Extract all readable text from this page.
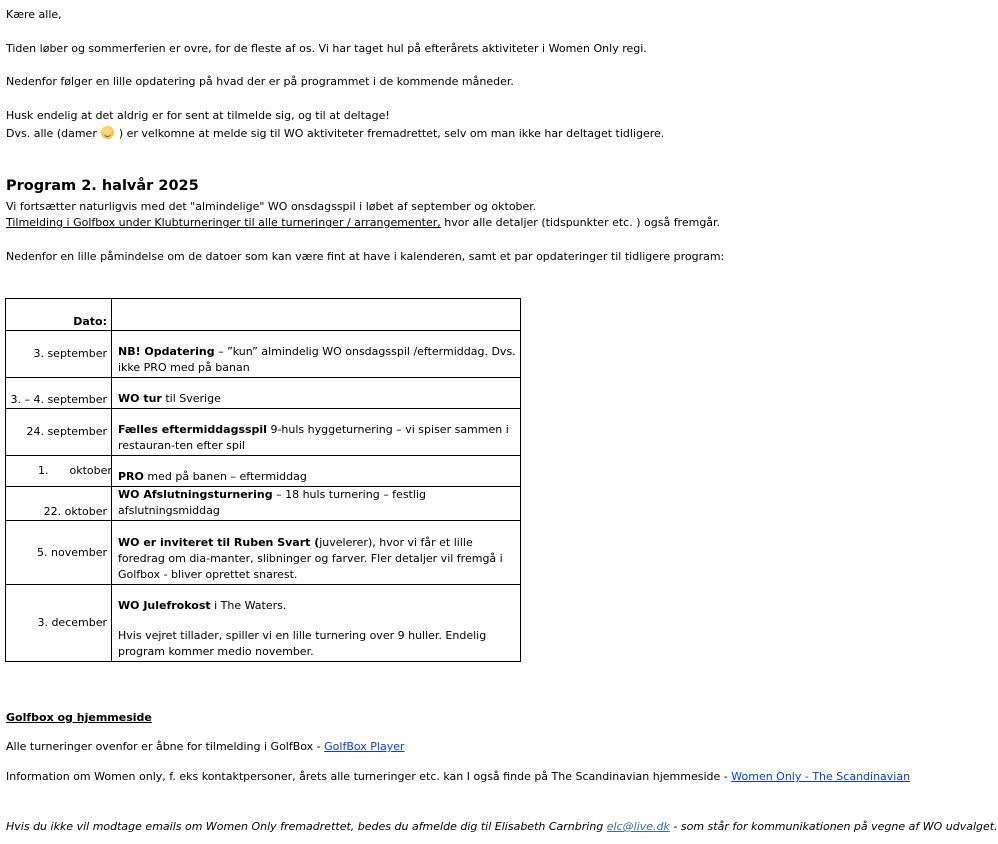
Kære alle,
Tiden løber og sommerferien er ovre, for de fleste af os. Vi har taget hul på efterårets aktiviteter i Women Only regi.
Nedenfor følger en lille opdatering på hvad der er på programmet i de kommende måneder.
Husk endelig at det aldrig er for sent at tilmelde sig, og til at deltage!
Dvs. alle (damer  ) er velkomne at melde sig til WO aktiviteter fremadrettet, selv om man ikke har deltaget tidligere.
Program 2. halvår 2025
Vi fortsætter naturligvis med det "almindelige" WO onsdagsspil i løbet af september og oktober.
Tilmelding i Golfbox under Klubturneringer til alle turneringer / arrangementer, hvor alle detaljer (tidspunkter etc. ) også fremgår.
Nedenfor en lille påmindelse om de datoer som kan være fint at have i kalenderen, samt et par opdateringer til tidligere program:
Dato:	
3. september	NB! Opdatering – ”kun” almindelig WO onsdagsspil /eftermiddag. Dvs. ikke PRO med på banan
3. – 4. september	WO tur til Sverige
24. september	Fælles eftermiddagsspil 9-huls hyggeturnering – vi spiser sammen i restauran-ten efter spil
1.      oktober	PRO med på banen – eftermiddag
22. oktober	WO Afslutningsturnering – 18 huls turnering – festlig afslutningsmiddag
5. november	WO er inviteret til Ruben Svart (juvelerer), hvor vi får et lille foredrag om dia-manter, slibninger og farver. Fler detaljer vil fremgå i Golfbox - bliver oprettet snarest.
3. december	WO Julefrokost i The Waters.
Hvis vejret tillader, spiller vi en lille turnering over 9 huller. Endelig program kommer medio november.
Golfbox og hjemmeside
Alle turneringer ovenfor er åbne for tilmelding i GolfBox - GolfBox Player
Information om Women only, f. eks kontaktpersoner, årets alle turneringer etc. kan I også finde på The Scandinavian hjemmeside - Women Only - The Scandinavian
Hvis du ikke vil modtage emails om Women Only fremadrettet, bedes du afmelde dig til Elisabeth Carnbring elc@live.dk - som står for kommunikationen på vegne af WO udvalget.
